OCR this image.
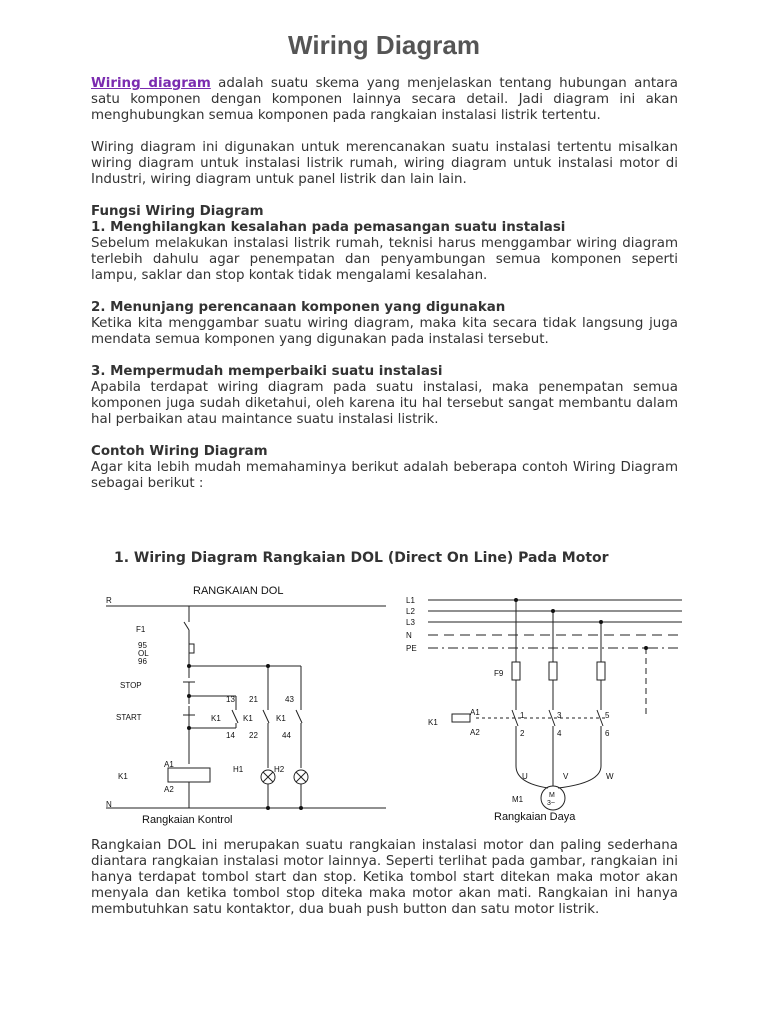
Wiring Diagram

Wiring diagram adalah suatu skema yang menjelaskan tentang hubungan antara satu komponen dengan komponen lainnya secara detail. Jadi diagram ini akan menghubungkan semua komponen pada rangkaian instalasi listrik tertentu.

Wiring diagram ini digunakan untuk merencanakan suatu instalasi tertentu misalkan wiring diagram untuk instalasi listrik rumah, wiring diagram untuk instalasi motor di Industri, wiring diagram untuk panel listrik dan lain lain.

Fungsi Wiring Diagram

1. Menghilangkan kesalahan pada pemasangan suatu instalasi

Sebelum melakukan instalasi listrik rumah, teknisi harus menggambar wiring diagram terlebih dahulu agar penempatan dan penyambungan semua komponen seperti lampu, saklar dan stop kontak tidak mengalami kesalahan.

2. Menunjang perencanaan komponen yang digunakan

Ketika kita menggambar suatu wiring diagram, maka kita secara tidak langsung juga mendata semua komponen yang digunakan pada instalasi tersebut.

3. Mempermudah memperbaiki suatu instalasi

Apabila terdapat wiring diagram pada suatu instalasi, maka penempatan semua komponen juga sudah diketahui, oleh karena itu hal tersebut sangat membantu dalam hal perbaikan atau maintance suatu instalasi listrik.

Contoh Wiring Diagram

Agar kita lebih mudah memahaminya berikut adalah beberapa contoh Wiring Diagram sebagai berikut :

1. Wiring Diagram Rangkaian DOL (Direct On Line) Pada Motor
RANGKAIAN DOL
R
N
F1
95
OL
96
STOP
START
K1
A1
A2
H1	H2
13 21	43
14 22	44
K1	K1	K1
Rangkaian Kontrol
L1
L2
L3
N
PE
F9
K1
A1
A2
1	3	5
2	4	6
U	V	W
M1	M
3~
Rangkaian Daya
Rangkaian DOL ini merupakan suatu rangkaian instalasi motor dan paling sederhana diantara rangkaian instalasi motor lainnya. Seperti terlihat pada gambar, rangkaian ini hanya terdapat tombol start dan stop. Ketika tombol start ditekan maka motor akan menyala dan ketika tombol stop diteka maka motor akan mati. Rangkaian ini hanya membutuhkan satu kontaktor, dua buah push button dan satu motor listrik.
